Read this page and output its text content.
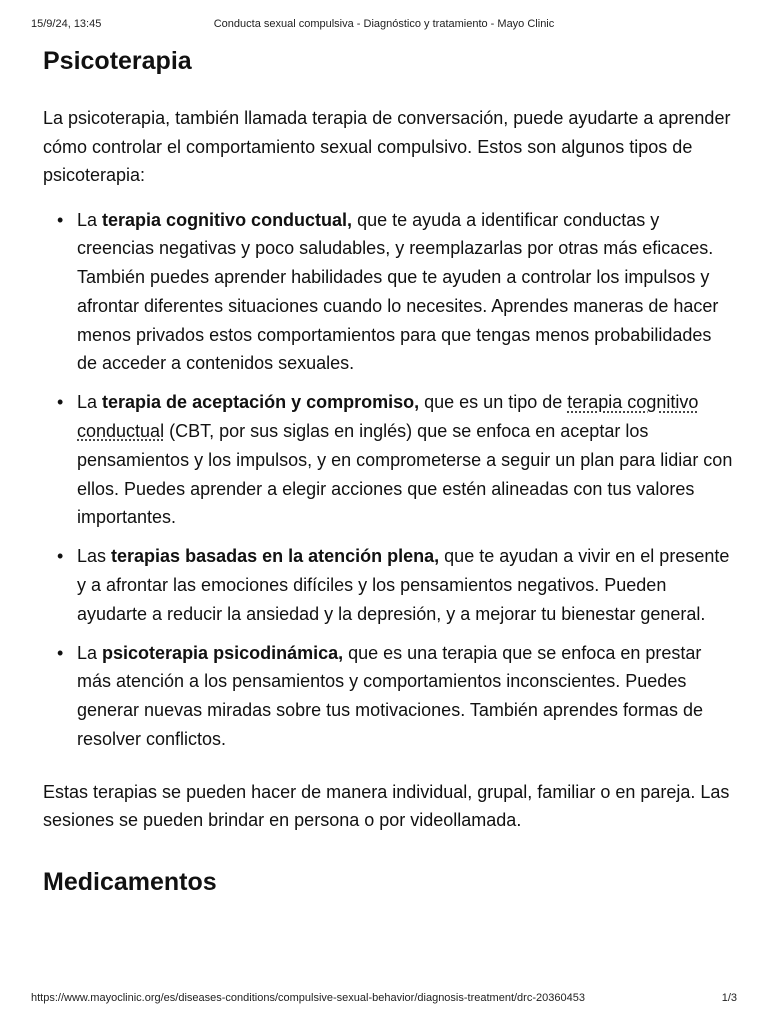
15/9/24, 13:45	Conducta sexual compulsiva - Diagnóstico y tratamiento - Mayo Clinic
Psicoterapia

La psicoterapia, también llamada terapia de conversación, puede ayudarte a aprender cómo controlar el comportamiento sexual compulsivo. Estos son algunos tipos de psicoterapia:

• La terapia cognitivo conductual, que te ayuda a identificar conductas y creencias negativas y poco saludables, y reemplazarlas por otras más eficaces. También puedes aprender habilidades que te ayuden a controlar los impulsos y afrontar diferentes situaciones cuando lo necesites. Aprendes maneras de hacer menos privados estos comportamientos para que tengas menos probabilidades de acceder a contenidos sexuales.
• La terapia de aceptación y compromiso, que es un tipo de terapia cognitivo conductual (CBT, por sus siglas en inglés) que se enfoca en aceptar los pensamientos y los impulsos, y en comprometerse a seguir un plan para lidiar con ellos. Puedes aprender a elegir acciones que estén alineadas con tus valores importantes.
• Las terapias basadas en la atención plena, que te ayudan a vivir en el presente y a afrontar las emociones difíciles y los pensamientos negativos. Pueden ayudarte a reducir la ansiedad y la depresión, y a mejorar tu bienestar general.
• La psicoterapia psicodinámica, que es una terapia que se enfoca en prestar más atención a los pensamientos y comportamientos inconscientes. Puedes generar nuevas miradas sobre tus motivaciones. También aprendes formas de resolver conflictos.

Estas terapias se pueden hacer de manera individual, grupal, familiar o en pareja. Las sesiones se pueden brindar en persona o por videollamada.

Medicamentos
https://www.mayoclinic.org/es/diseases-conditions/compulsive-sexual-behavior/diagnosis-treatment/drc-20360453	1/3
